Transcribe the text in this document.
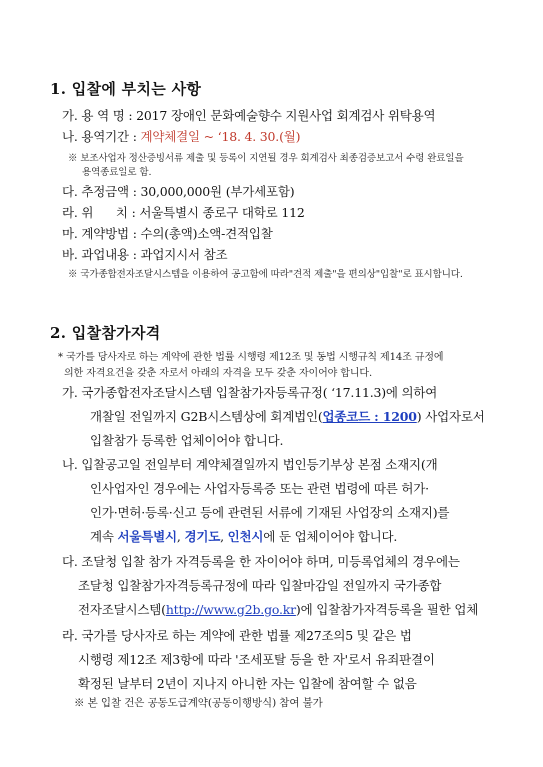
1. 입찰에 부치는 사항
가. 용 역 명 : 2017 장애인 문화예술향수 지원사업 회계검사 위탁용역
나. 용역기간 : 계약체결일 ~ ‘18. 4. 30.(월)
※ 보조사업자 정산증빙서류 제출 및 등록이 지연될 경우 회계검사 최종검증보고서 수령 완료일을
용역종료일로 함.
다. 추정금액 : 30,000,000원 (부가세포함)
라. 위      치 : 서울특별시 종로구 대학로 112
마. 계약방법 : 수의(총액)소액-견적입찰
바. 과업내용 : 과업지시서 참조
※ 국가종합전자조달시스템을 이용하여 공고함에 따라"견적 제출"을 편의상"입찰"로 표시합니다.
2. 입찰참가자격
* 국가를 당사자로 하는 계약에 관한 법률 시행령 제12조 및 동법 시행규칙 제14조 규정에
의한 자격요건을 갖춘 자로서 아래의 자격을 모두 갖춘 자이어야 합니다.
가. 국가종합전자조달시스템 입찰참가자등록규정( ‘17.11.3)에 의하여
개찰일 전일까지 G2B시스템상에 회계법인(업종코드 : 1200) 사업자로서
입찰참가 등록한 업체이어야 합니다.
나. 입찰공고일 전일부터 계약체결일까지 법인등기부상 본점 소재지(개
인사업자인 경우에는 사업자등록증 또는 관련 법령에 따른 허가·
인가·면허·등록·신고 등에 관련된 서류에 기재된 사업장의 소재지)를
계속 서울특별시, 경기도, 인천시에 둔 업체이어야 합니다.
다. 조달청 입찰 참가 자격등록을 한 자이어야 하며, 미등록업체의 경우에는
조달청 입찰참가자격등록규정에 따라 입찰마감일 전일까지 국가종합
전자조달시스템(http://www.g2b.go.kr)에 입찰참가자격등록을 필한 업체
라. 국가를 당사자로 하는 계약에 관한 법률 제27조의5 및 같은 법
시행령 제12조 제3항에 따라 '조세포탈 등을 한 자'로서 유죄판결이
확정된 날부터 2년이 지나지 아니한 자는 입찰에 참여할 수 없음
※ 본 입찰 건은 공동도급계약(공동이행방식) 참여 불가
